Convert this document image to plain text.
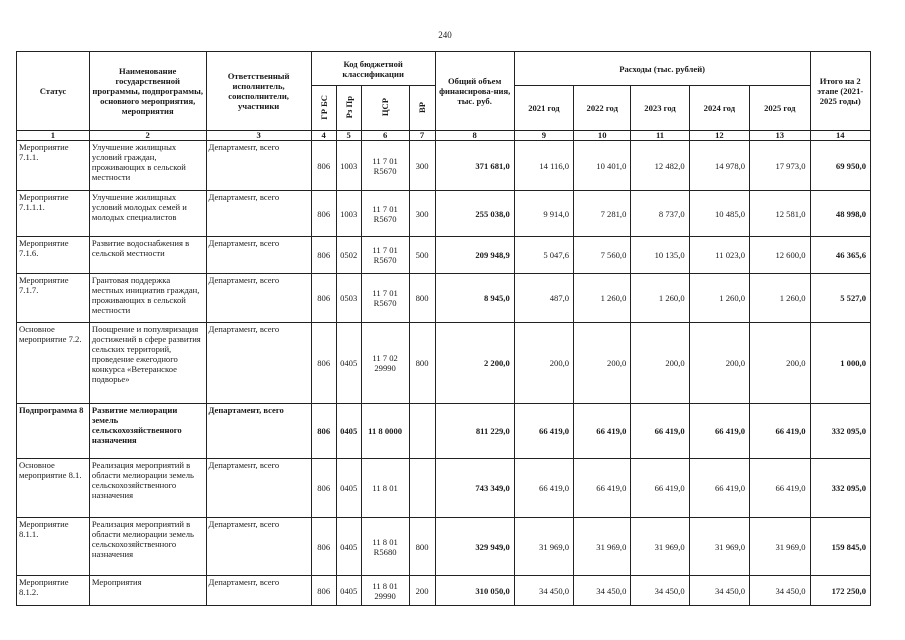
240
Статус	Наименование государственной программы, подпрограммы, основного мероприятия, мероприятия	Ответственный исполнитель, соисполнители, участники	Код бюджетной классификации				Общий объем финансирова-ния, тыс. руб.	Расходы (тыс. рублей)					Итого на 2 этапе (2021-2025 годы)
			ГР БС	Рз Пр	ЦСР	ВР		2021 год	2022 год	2023 год	2024 год	2025 год	
1	2	3	4	5	6	7	8	9	10	11	12	13	14
Мероприятие 7.1.1.	Улучшение жилищных условий граждан, проживающих в сельской местности	Департамент, всего	806	1003	11 7 01 R5670	300	371 681,0	14 116,0	10 401,0	12 482,0	14 978,0	17 973,0	69 950,0
Мероприятие 7.1.1.1.	Улучшение жилищных условий молодых семей и молодых специалистов	Департамент, всего	806	1003	11 7 01 R5670	300	255 038,0	9 914,0	7 281,0	8 737,0	10 485,0	12 581,0	48 998,0
Мероприятие 7.1.6.	Развитие водоснабжения в сельской местности	Департамент, всего	806	0502	11 7 01 R5670	500	209 948,9	5 047,6	7 560,0	10 135,0	11 023,0	12 600,0	46 365,6
Мероприятие 7.1.7.	Грантовая поддержка местных инициатив граждан, проживающих в сельской местности	Департамент, всего	806	0503	11 7 01 R5670	800	8 945,0	487,0	1 260,0	1 260,0	1 260,0	1 260,0	5 527,0
Основное мероприятие 7.2.	Поощрение и популяризация достижений в сфере развития сельских территорий, проведение ежегодного конкурса «Ветеранское подворье»	Департамент, всего	806	0405	11 7 02 29990	800	2 200,0	200,0	200,0	200,0	200,0	200,0	1 000,0
Подпрограмма 8	Развитие мелиорации земель сельскохозяйственного назначения	Департамент, всего	806	0405	11 8 0000		811 229,0	66 419,0	66 419,0	66 419,0	66 419,0	66 419,0	332 095,0
Основное мероприятие 8.1.	Реализация мероприятий в области мелиорации земель сельскохозяйственного назначения	Департамент, всего	806	0405	11 8 01		743 349,0	66 419,0	66 419,0	66 419,0	66 419,0	66 419,0	332 095,0
Мероприятие 8.1.1.	Реализация мероприятий в области мелиорации земель сельскохозяйственного назначения	Департамент, всего	806	0405	11 8 01 R5680	800	329 949,0	31 969,0	31 969,0	31 969,0	31 969,0	31 969,0	159 845,0
Мероприятие 8.1.2.	Мероприятия	Департамент, всего	806	0405	11 8 01 29990	200	310 050,0	34 450,0	34 450,0	34 450,0	34 450,0	34 450,0	172 250,0
